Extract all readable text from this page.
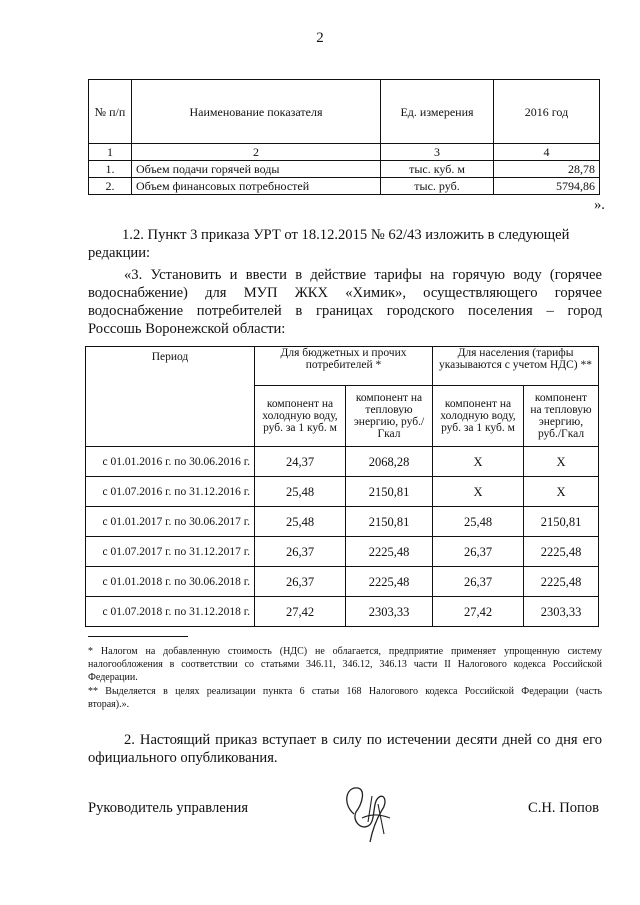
2
№ п/п	Наименование показателя	Ед. измерения	2016 год
1	2	3	4
1.	Объем подачи горячей воды	тыс. куб. м	28,78
2.	Объем финансовых потребностей	тыс. руб.	5794,86
».
1.2. Пункт 3 приказа УРТ от 18.12.2015 № 62/43 изложить в следующей
редакции:
«3. Установить и ввести в действие тарифы на горячую воду (горячее
водоснабжение) для МУП ЖКХ «Химик», осуществляющего горячее
водоснабжение потребителей в границах городского поселения – город
Россошь Воронежской области:
Период	Для бюджетных и прочих потребителей *		Для населения (тарифы указываются с учетом НДС) **	
	компонент на холодную воду, руб. за 1 куб. м	компонент на тепловую энергию, руб./Гкал	компонент на холодную воду, руб. за 1 куб. м	компонент на тепловую энергию, руб./Гкал
с 01.01.2016 г. по 30.06.2016 г.	24,37	2068,28	X	X
с 01.07.2016 г. по 31.12.2016 г.	25,48	2150,81	X	X
с 01.01.2017 г. по 30.06.2017 г.	25,48	2150,81	25,48	2150,81
с 01.07.2017 г. по 31.12.2017 г.	26,37	2225,48	26,37	2225,48
с 01.01.2018 г. по 30.06.2018 г.	26,37	2225,48	26,37	2225,48
с 01.07.2018 г. по 31.12.2018 г.	27,42	2303,33	27,42	2303,33
* Налогом на добавленную стоимость (НДС) не облагается, предприятие применяет упрощенную систему
налогообложения в соответствии со статьями 346.11, 346.12, 346.13 части II Налогового кодекса Российской
Федерации.
** Выделяется в целях реализации пункта 6 статьи 168 Налогового кодекса Российской Федерации (часть
вторая).».
2. Настоящий приказ вступает в силу по истечении десяти дней со дня его
официального опубликования.
Руководитель управления	С.Н. Попов
